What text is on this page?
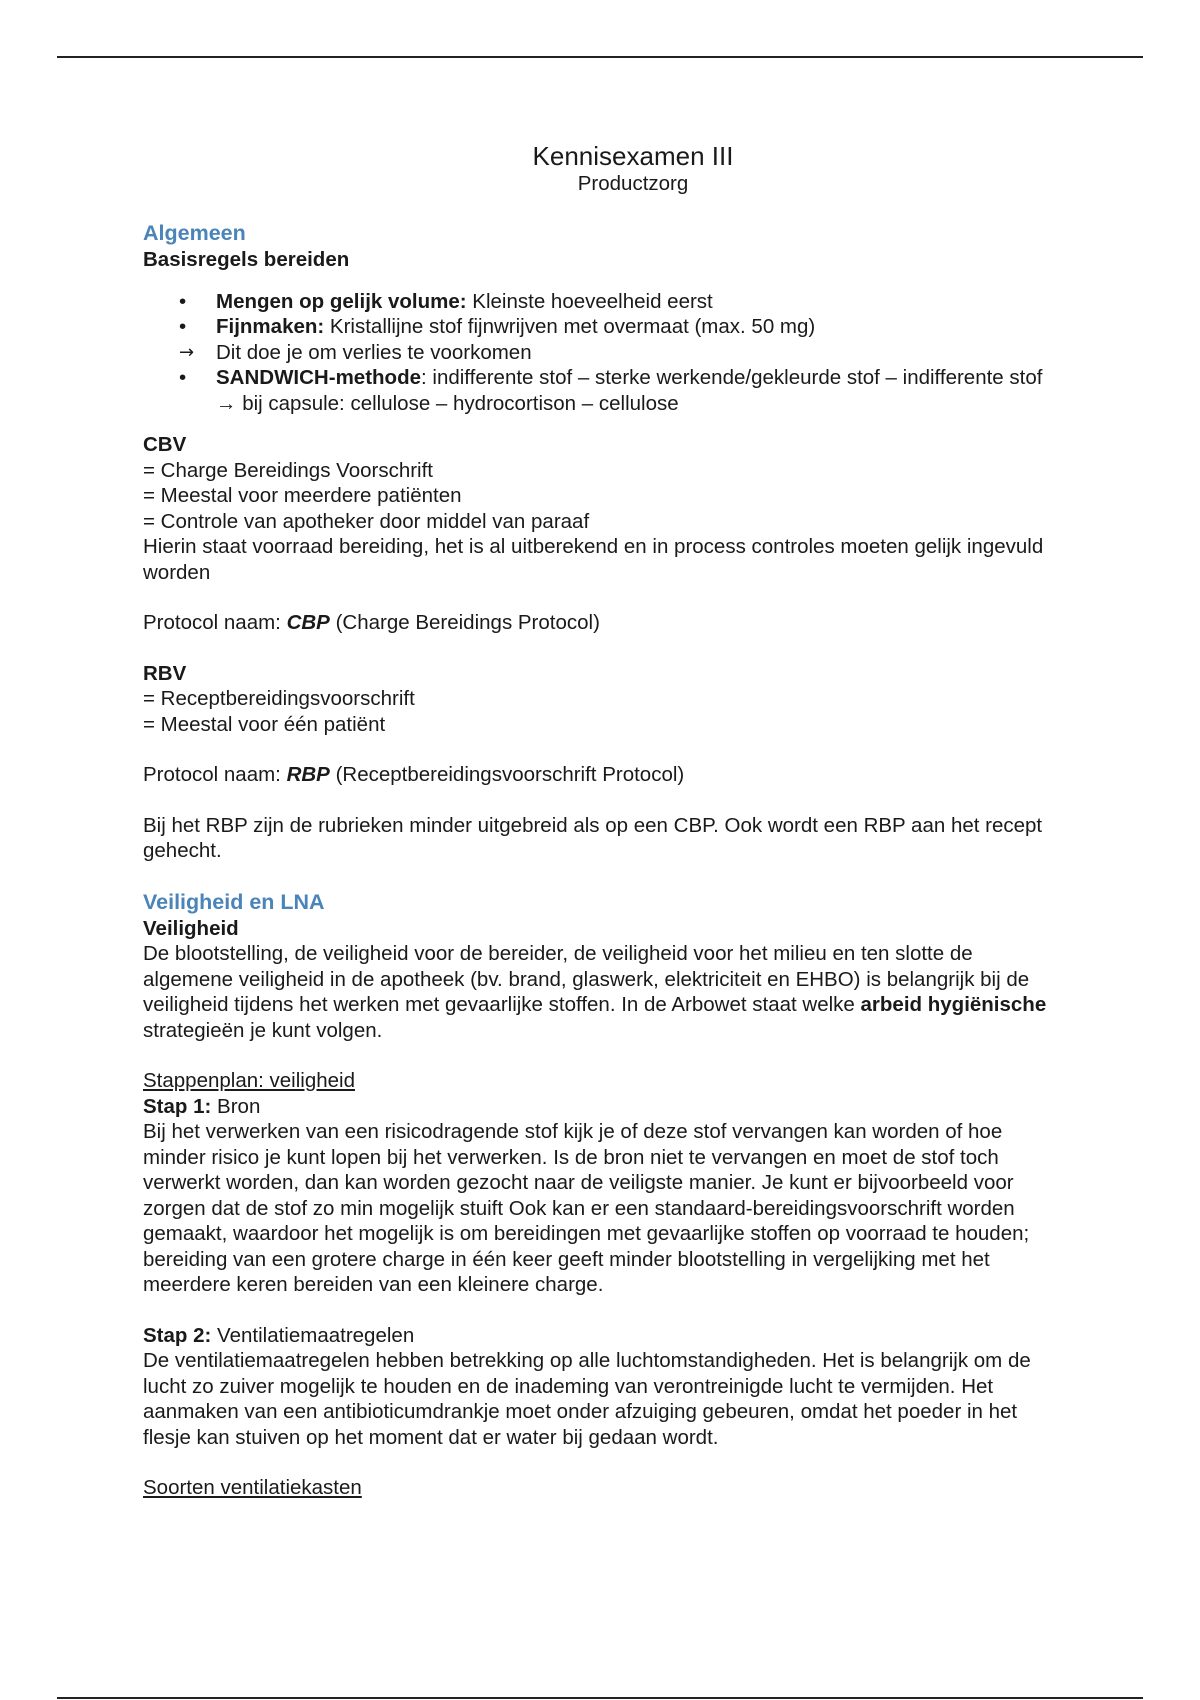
Kennisexamen III
Productzorg
Algemeen
Basisregels bereiden
•	Mengen op gelijk volume: Kleinste hoeveelheid eerst
•	Fijnmaken: Kristallijne stof fijnwrijven met overmaat (max. 50 mg)
→	Dit doe je om verlies te voorkomen
•	SANDWICH-methode: indifferente stof – sterke werkende/gekleurde stof – indifferente stof → bij capsule: cellulose – hydrocortison – cellulose
CBV

= Charge Bereidings Voorschrift

= Meestal voor meerdere patiënten

= Controle van apotheker door middel van paraaf

Hierin staat voorraad bereiding, het is al uitberekend en in process controles moeten gelijk ingevuld worden

Protocol naam: CBP (Charge Bereidings Protocol)

RBV

= Receptbereidingsvoorschrift

= Meestal voor één patiënt

Protocol naam: RBP (Receptbereidingsvoorschrift Protocol)

Bij het RBP zijn de rubrieken minder uitgebreid als op een CBP. Ook wordt een RBP aan het recept gehecht.

Veiligheid en LNA
Veiligheid

De blootstelling, de veiligheid voor de bereider, de veiligheid voor het milieu en ten slotte de algemene veiligheid in de apotheek (bv. brand, glaswerk, elektriciteit en EHBO) is belangrijk bij de veiligheid tijdens het werken met gevaarlijke stoffen. In de Arbowet staat welke arbeid hygiënische strategieën je kunt volgen.

Stappenplan: veiligheid

Stap 1: Bron

Bij het verwerken van een risicodragende stof kijk je of deze stof vervangen kan worden of hoe minder risico je kunt lopen bij het verwerken. Is de bron niet te vervangen en moet de stof toch verwerkt worden, dan kan worden gezocht naar de veiligste manier. Je kunt er bijvoorbeeld voor zorgen dat de stof zo min mogelijk stuift Ook kan er een standaard-bereidingsvoorschrift worden gemaakt, waardoor het mogelijk is om bereidingen met gevaarlijke stoffen op voorraad te houden; bereiding van een grotere charge in één keer geeft minder blootstelling in vergelijking met het meerdere keren bereiden van een kleinere charge.

Stap 2: Ventilatiemaatregelen

De ventilatiemaatregelen hebben betrekking op alle luchtomstandigheden. Het is belangrijk om de lucht zo zuiver mogelijk te houden en de inademing van verontreinigde lucht te vermijden. Het aanmaken van een antibioticumdrankje moet onder afzuiging gebeuren, omdat het poeder in het flesje kan stuiven op het moment dat er water bij gedaan wordt.

Soorten ventilatiekasten
